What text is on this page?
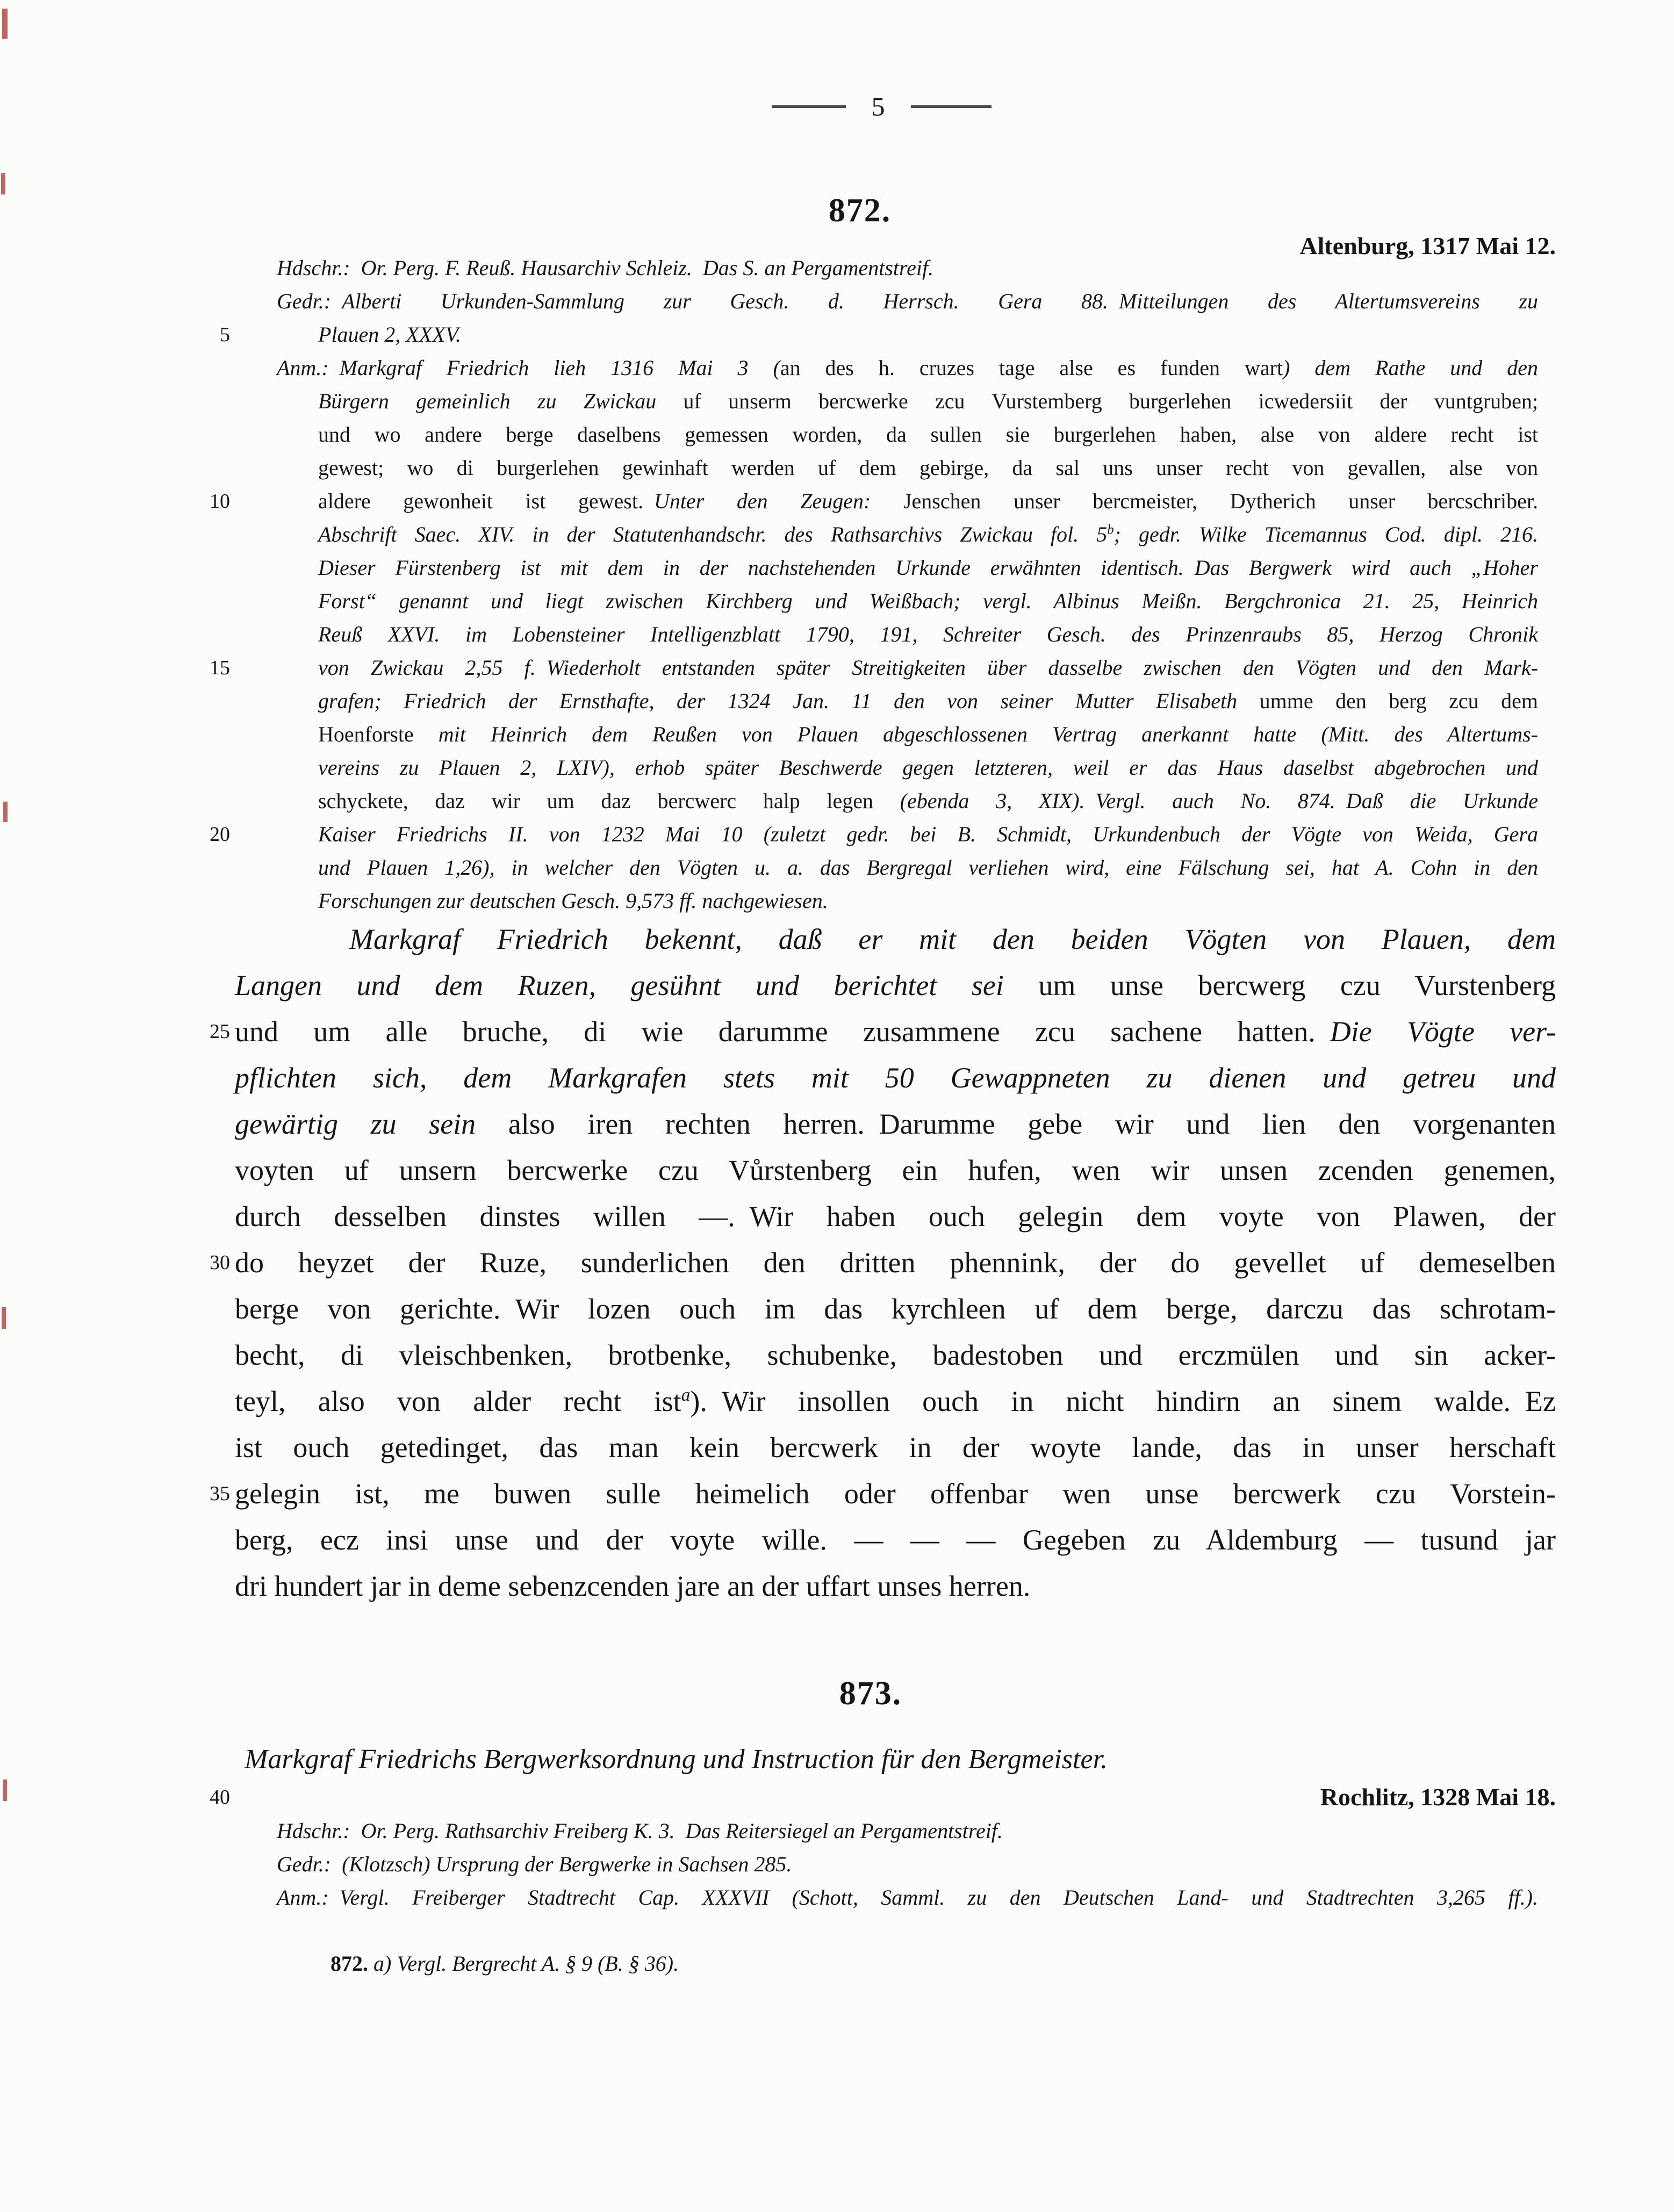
5
872.
Altenburg, 1317 Mai 12.
873.
Markgraf Friedrichs Bergwerksordnung und Instruction für den Bergmeister.
Rochlitz, 1328 Mai 18.
40
872. a) Vergl. Bergrecht A. § 9 (B. § 36).
Hdschr.: Or. Perg. F. Reuß. Hausarchiv Schleiz. Das S. an Pergamentstreif.
Gedr.: Alberti Urkunden-Sammlung zur Gesch. d. Herrsch. Gera 88. Mitteilungen des Altertumsvereins zu
Plauen 2, XXXV.
5
Anm.: Markgraf Friedrich lieh 1316 Mai 3 (an des h. cruzes tage alse es funden wart) dem Rathe und den
Bürgern gemeinlich zu Zwickau uf unserm bercwerke zcu Vurstemberg burgerlehen icwedersiit der vuntgruben;
und wo andere berge daselbens gemessen worden, da sullen sie burgerlehen haben, alse von aldere recht ist
gewest; wo di burgerlehen gewinhaft werden uf dem gebirge, da sal uns unser recht von gevallen, alse von
aldere gewonheit ist gewest. Unter den Zeugen: Jenschen unser bercmeister, Dytherich unser bercschriber.
10
Abschrift Saec. XIV. in der Statutenhandschr. des Rathsarchivs Zwickau fol. 5$^b$; gedr. Wilke Ticemannus Cod. dipl. 216.
Dieser Fürstenberg ist mit dem in der nachstehenden Urkunde erwähnten identisch. Das Bergwerk wird auch „Hoher
Forst“ genannt und liegt zwischen Kirchberg und Weißbach; vergl. Albinus Meißn. Bergchronica 21. 25, Heinrich
Reuß XXVI. im Lobensteiner Intelligenzblatt 1790, 191, Schreiter Gesch. des Prinzenraubs 85, Herzog Chronik
von Zwickau 2,55 f. Wiederholt entstanden später Streitigkeiten über dasselbe zwischen den Vögten und den Mark-
15
grafen; Friedrich der Ernsthafte, der 1324 Jan. 11 den von seiner Mutter Elisabeth umme den berg zcu dem
Hoenforste mit Heinrich dem Reußen von Plauen abgeschlossenen Vertrag anerkannt hatte (Mitt. des Altertums-
vereins zu Plauen 2, LXIV), erhob später Beschwerde gegen letzteren, weil er das Haus daselbst abgebrochen und
schyckete, daz wir um daz bercwerc halp legen (ebenda 3, XIX). Vergl. auch No. 874. Daß die Urkunde
Kaiser Friedrichs II. von 1232 Mai 10 (zuletzt gedr. bei B. Schmidt, Urkundenbuch der Vögte von Weida, Gera
20
und Plauen 1,26), in welcher den Vögten u. a. das Bergregal verliehen wird, eine Fälschung sei, hat A. Cohn in den
Forschungen zur deutschen Gesch. 9,573 ff. nachgewiesen.
Markgraf Friedrich bekennt, daß er mit den beiden Vögten von Plauen, dem
Langen und dem Ruzen, gesühnt und berichtet sei um unse bercwerg czu Vurstenberg
und um alle bruche, di wie darumme zusammene zcu sachene hatten. Die Vögte ver-
25
pflichten sich, dem Markgrafen stets mit 50 Gewappneten zu dienen und getreu und
gewärtig zu sein also iren rechten herren. Darumme gebe wir und lien den vorgenanten
voyten uf unsern bercwerke czu Vůrstenberg ein hufen, wen wir unsen zcenden genemen,
durch desselben dinstes willen —. Wir haben ouch gelegin dem voyte von Plawen, der
do heyzet der Ruze, sunderlichen den dritten phennink, der do gevellet uf demeselben
30
berge von gerichte. Wir lozen ouch im das kyrchleen uf dem berge, darczu das schrotam-
becht, di vleischbenken, brotbenke, schubenke, badestoben und erczmülen und sin acker-
teyl, also von alder recht ist$^a$). Wir insollen ouch in nicht hindirn an sinem walde. Ez
ist ouch getedinget, das man kein bercwerk in der woyte lande, das in unser herschaft
gelegin ist, me buwen sulle heimelich oder offenbar wen unse bercwerk czu Vorstein-
35
berg, ecz insi unse und der voyte wille. — — — Gegeben zu Aldemburg — tusund jar
dri hundert jar in deme sebenzcenden jare an der uffart unses herren.
Hdschr.: Or. Perg. Rathsarchiv Freiberg K. 3. Das Reitersiegel an Pergamentstreif.
Gedr.: (Klotzsch) Ursprung der Bergwerke in Sachsen 285.
Anm.: Vergl. Freiberger Stadtrecht Cap. XXXVII (Schott, Samml. zu den Deutschen Land- und Stadtrechten 3,265 ff.).
